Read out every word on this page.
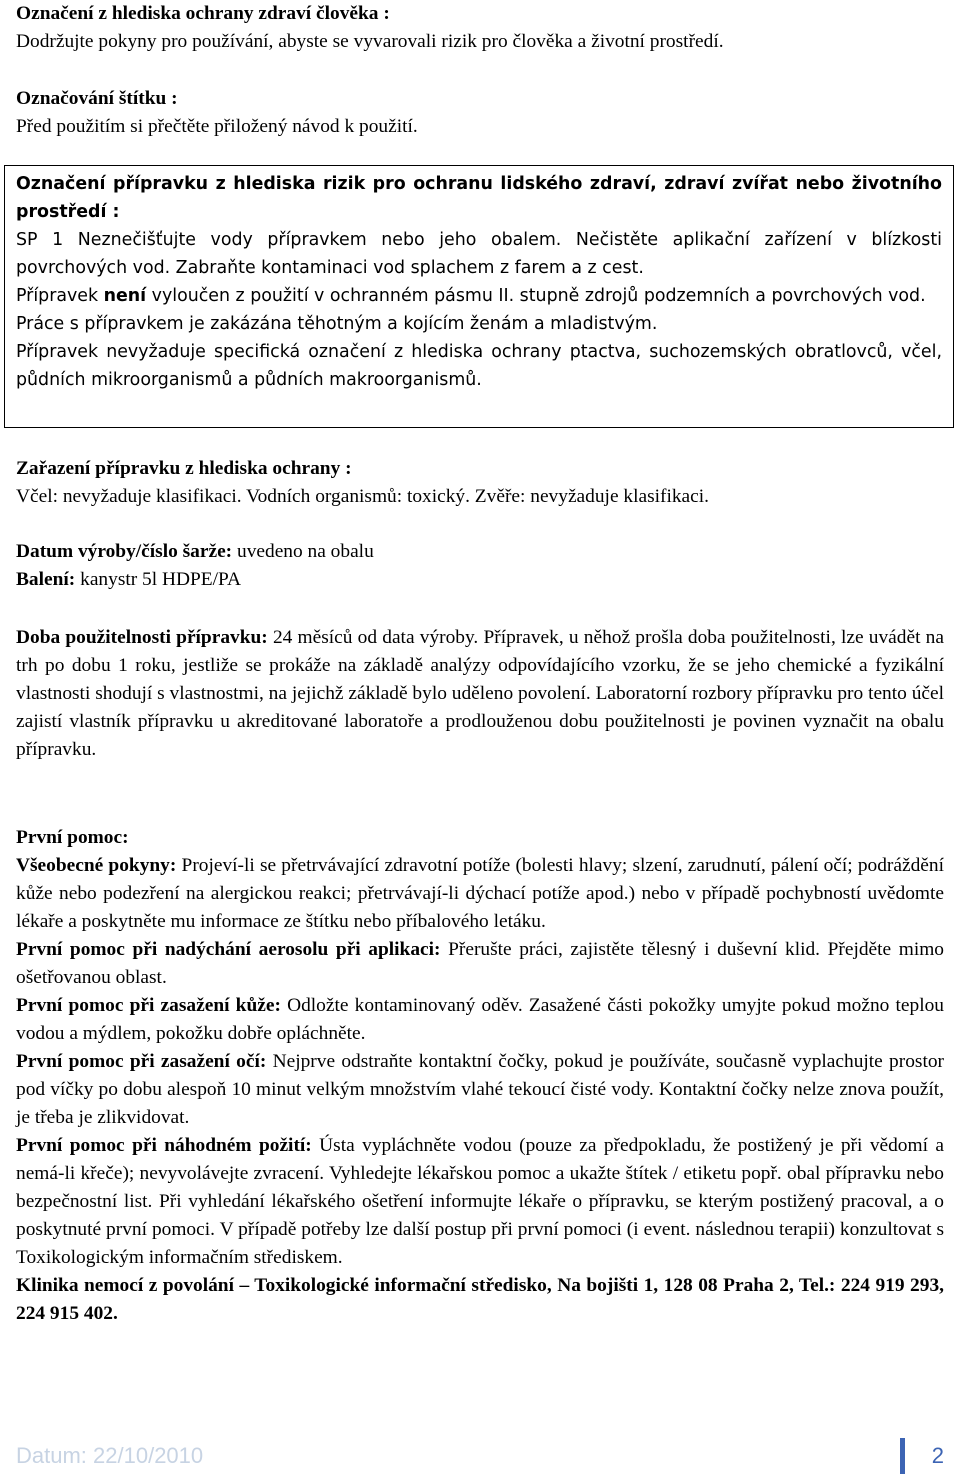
Označení z hlediska ochrany zdraví člověka :
Dodržujte pokyny pro používání, abyste se vyvarovali rizik pro člověka a životní prostředí.
Označování štítku :
Před použitím si přečtěte přiložený návod k použití.
Označení přípravku z hlediska rizik pro ochranu lidského zdraví, zdraví zvířat nebo životního prostředí :
SP 1 Neznečišťujte vody přípravkem nebo jeho obalem. Nečistěte aplikační zařízení v blízkosti povrchových vod. Zabraňte kontaminaci vod splachem z farem a z cest.
Přípravek není vyloučen z použití v ochranném pásmu II. stupně zdrojů podzemních a povrchových vod.
Práce s přípravkem je zakázána těhotným a kojícím ženám a mladistvým.
Přípravek nevyžaduje specifická označení z hlediska ochrany ptactva, suchozemských obratlovců, včel, půdních mikroorganismů a půdních makroorganismů.
Zařazení přípravku z hlediska ochrany :
Včel: nevyžaduje klasifikaci. Vodních organismů: toxický. Zvěře: nevyžaduje klasifikaci.
Datum výroby/číslo šarže: uvedeno na obalu
Balení: kanystr 5l HDPE/PA
Doba použitelnosti přípravku: 24 měsíců od data výroby. Přípravek, u něhož prošla doba použitelnosti, lze uvádět na trh po dobu 1 roku, jestliže se prokáže na základě analýzy odpovídajícího vzorku, že se jeho chemické a fyzikální vlastnosti shodují s vlastnostmi, na jejichž základě bylo uděleno povolení. Laboratorní rozbory přípravku pro tento účel zajistí vlastník přípravku u akreditované laboratoře a prodlouženou dobu použitelnosti je povinen vyznačit na obalu přípravku.
První pomoc:
Všeobecné pokyny: Projeví-li se přetrvávající zdravotní potíže (bolesti hlavy; slzení, zarudnutí, pálení očí; podráždění kůže nebo podezření na alergickou reakci; přetrvávají-li dýchací potíže apod.) nebo v případě pochybností uvědomte lékaře a poskytněte mu informace ze štítku nebo příbalového letáku.
První pomoc při nadýchání aerosolu při aplikaci: Přerušte práci, zajistěte tělesný i duševní klid. Přejděte mimo ošetřovanou oblast.
První pomoc při zasažení kůže: Odložte kontaminovaný oděv. Zasažené části pokožky umyjte pokud možno teplou vodou a mýdlem, pokožku dobře opláchněte.
První pomoc při zasažení očí: Nejprve odstraňte kontaktní čočky, pokud je používáte, současně vyplachujte prostor pod víčky po dobu alespoň 10 minut velkým množstvím vlahé tekoucí čisté vody. Kontaktní čočky nelze znova použít, je třeba je zlikvidovat.
První pomoc při náhodném požití: Ústa vypláchněte vodou (pouze za předpokladu, že postižený je při vědomí a nemá-li křeče); nevyvolávejte zvracení. Vyhledejte lékařskou pomoc a ukažte štítek / etiketu popř. obal přípravku nebo bezpečnostní list. Při vyhledání lékařského ošetření informujte lékaře o přípravku, se kterým postižený pracoval, a o poskytnuté první pomoci. V případě potřeby lze další postup při první pomoci (i event. následnou terapii) konzultovat s Toxikologickým informačním střediskem.
Klinika nemocí z povolání – Toxikologické informační středisko, Na bojišti 1, 128 08 Praha 2, Tel.: 224 919 293, 224 915 402.
Datum: 22/10/2010	2
